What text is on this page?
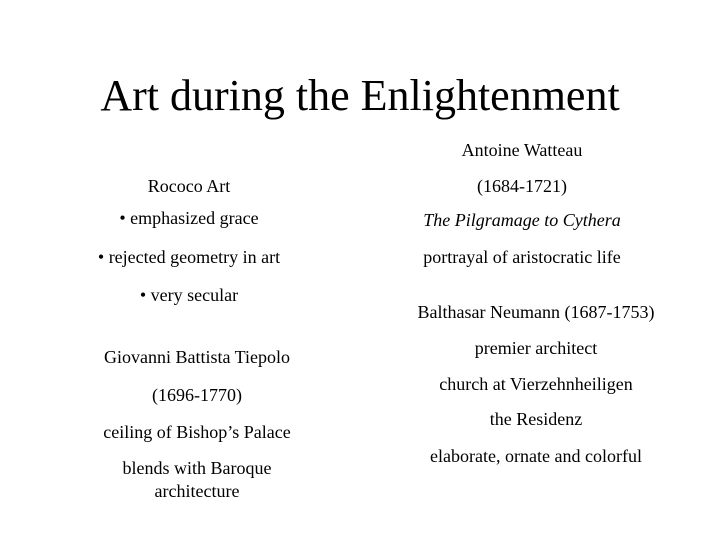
Art during the Enlightenment
Rococo Art
• emphasized grace
• rejected geometry in art
• very secular
Giovanni Battista Tiepolo
(1696-1770)
ceiling of Bishop’s Palace
blends with Baroque
architecture
Antoine Watteau
(1684-1721)
The Pilgramage to Cythera
portrayal of aristocratic life
Balthasar Neumann (1687-1753)
premier architect
church at Vierzehnheiligen
the Residenz
elaborate, ornate and colorful
